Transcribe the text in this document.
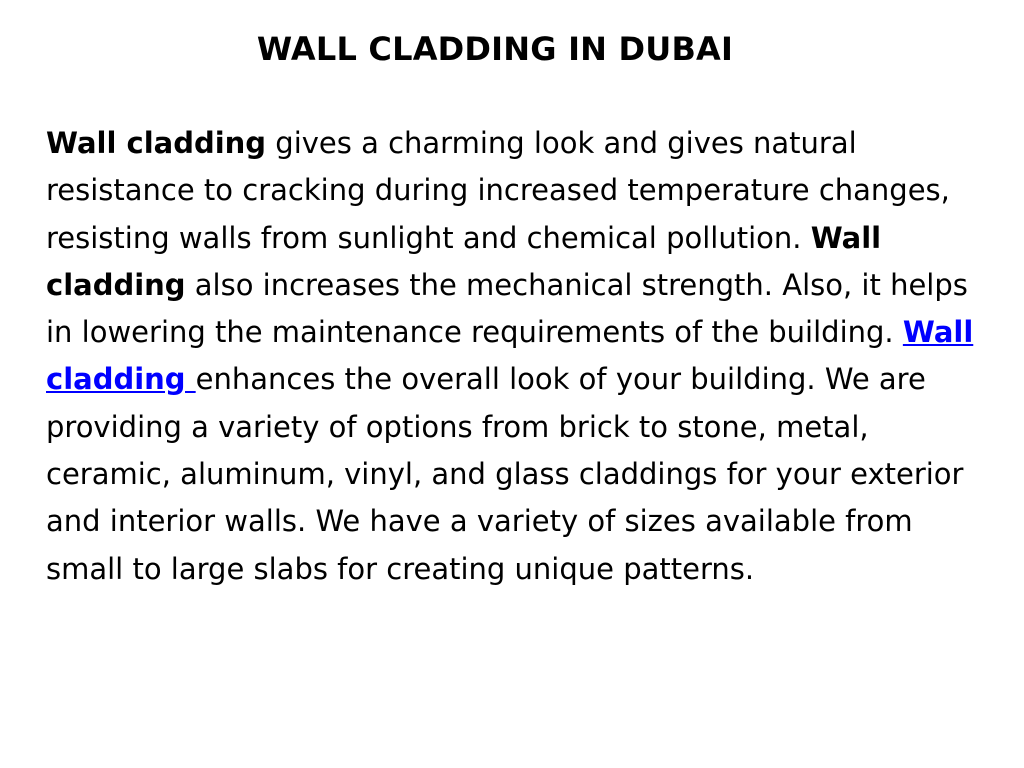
WALL CLADDING IN DUBAI

Wall cladding gives a charming look and gives natural resistance to cracking during increased temperature changes, resisting walls from sunlight and chemical pollution. Wall cladding also increases the mechanical strength. Also, it helps in lowering the maintenance requirements of the building. Wall cladding enhances the overall look of your building. We are providing a variety of options from brick to stone, metal, ceramic, aluminum, vinyl, and glass claddings for your exterior and interior walls. We have a variety of sizes available from small to large slabs for creating unique patterns.
